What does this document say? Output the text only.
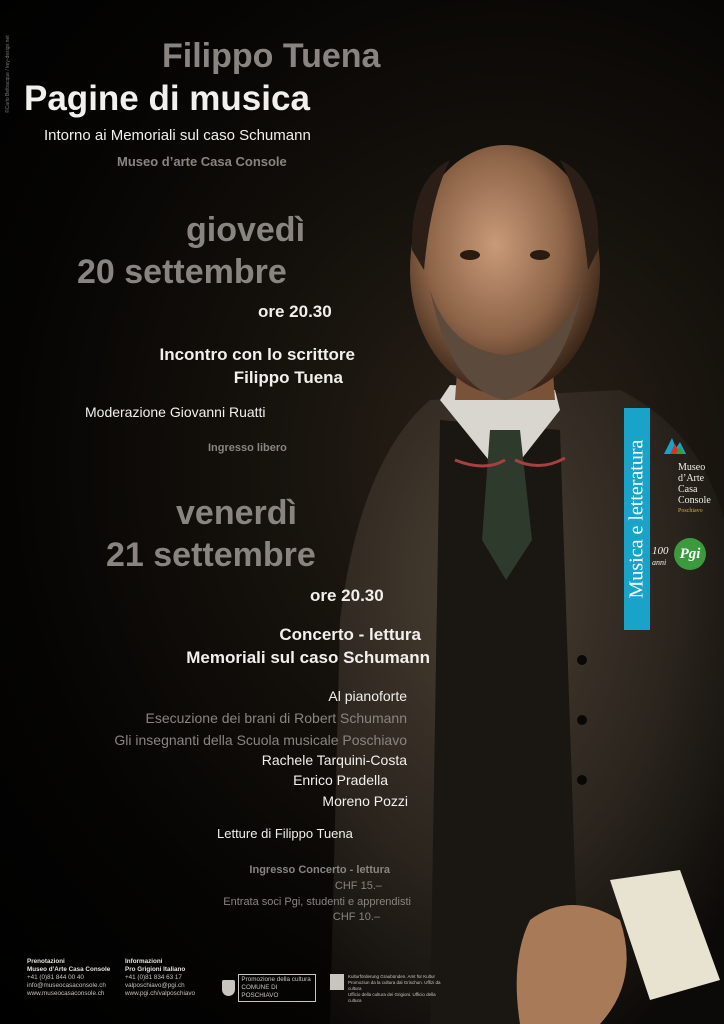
©Carlo Beltracque / key-design.net	Filippo Tuena
Pagine di musica
Intorno ai Memoriali sul caso Schumann
Museo d’arte Casa Console
giovedì
20 settembre
ore 20.30
Incontro con lo scrittore
Filippo Tuena
Moderazione Giovanni Ruatti
Ingresso libero
venerdì
21 settembre
ore 20.30
Concerto - lettura
Memoriali sul caso Schumann
Al pianoforte
Esecuzione dei brani di Robert Schumann
Gli insegnanti della Scuola musicale Poschiavo
Rachele Tarquini-Costa
Enrico Pradella
Moreno Pozzi
Letture di Filippo Tuena
Ingresso Concerto - lettura
CHF 15.–
Entrata soci Pgi, studenti e apprendisti
CHF 10.–
Musica e letteratura	Museo
d’Arte
Casa
Console
Poschiavo
100
anni
Pgi
Prenotazioni
Museo d’Arte Casa Console
+41 (0)81 844 00 40
info@museocasaconsole.ch
www.museocasaconsole.ch
Informazioni
Pro Grigioni Italiano
+41 (0)81 834 63 17
valposchiavo@pgi.ch
www.pgi.ch/valposchiavo
Promozione della cultura
COMUNE DI POSCHIAVO
Kulturförderung Graubünden. Amt für Kultur
Promoziun da la cultura dal Grischun. Uffizi da cultura
Ufficio della cultura dei Grigioni. Ufficio della cultura
